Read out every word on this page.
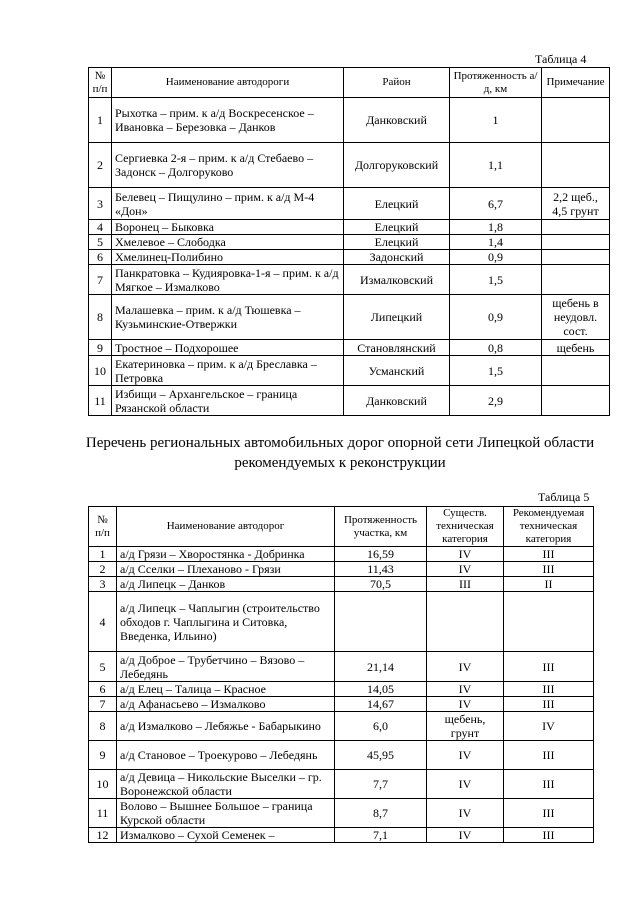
Таблица 4
№ п/п	Наименование автодороги	Район	Протяженность а/д, км	Примечание
1	Рыхотка – прим. к а/д Воскресенское – Ивановка – Березовка – Данков	Данковский	1	
2	Сергиевка 2-я – прим. к а/д Стебаево – Задонск – Долгоруково	Долгоруковский	1,1	
3	Белевец – Пищулино – прим. к а/д М-4 «Дон»	Елецкий	6,7	2,2 щеб., 4,5 грунт
4	Воронец – Быковка	Елецкий	1,8	
5	Хмелевое – Слободка	Елецкий	1,4	
6	Хмелинец-Полибино	Задонский	0,9	
7	Панкратовка – Кудияровка-1-я – прим. к а/д Мягкое – Измалково	Измалковский	1,5	
8	Малашевка – прим. к а/д Тюшевка – Кузьминские-Отвержки	Липецкий	0,9	щебень в неудовл. сост.
9	Тростное – Подхорошее	Становлянский	0,8	щебень
10	Екатериновка – прим. к а/д Бреславка – Петровка	Усманский	1,5	
11	Избищи – Архангельское – граница Рязанской области	Данковский	2,9	
Перечень региональных автомобильных дорог опорной сети Липецкой области рекомендуемых к реконструкции
Таблица 5
№ п/п	Наименование автодорог	Протяженность участка, км	Существ. техническая категория	Рекомендуемая техническая категория
1	а/д Грязи – Хворостянка - Добринка	16,59	IV	III
2	а/д Сселки – Плеханово - Грязи	11,43	IV	III
3	а/д Липецк – Данков	70,5	III	II
4	а/д Липецк – Чаплыгин (строительство обходов г. Чаплыгина и Ситовка, Введенка, Ильино)			
5	а/д Доброе – Трубетчино – Вязово – Лебедянь	21,14	IV	III
6	а/д Елец – Талица – Красное	14,05	IV	III
7	а/д Афанасьево – Измалково	14,67	IV	III
8	а/д Измалково – Лебяжье - Бабарыкино	6,0	щебень, грунт	IV
9	а/д Становое – Троекурово – Лебедянь	45,95	IV	III
10	а/д Девица – Никольские Выселки – гр. Воронежской области	7,7	IV	III
11	Волово – Вышнее Большое – граница Курской области	8,7	IV	III
12	Измалково – Сухой Семенек –	7,1	IV	III
